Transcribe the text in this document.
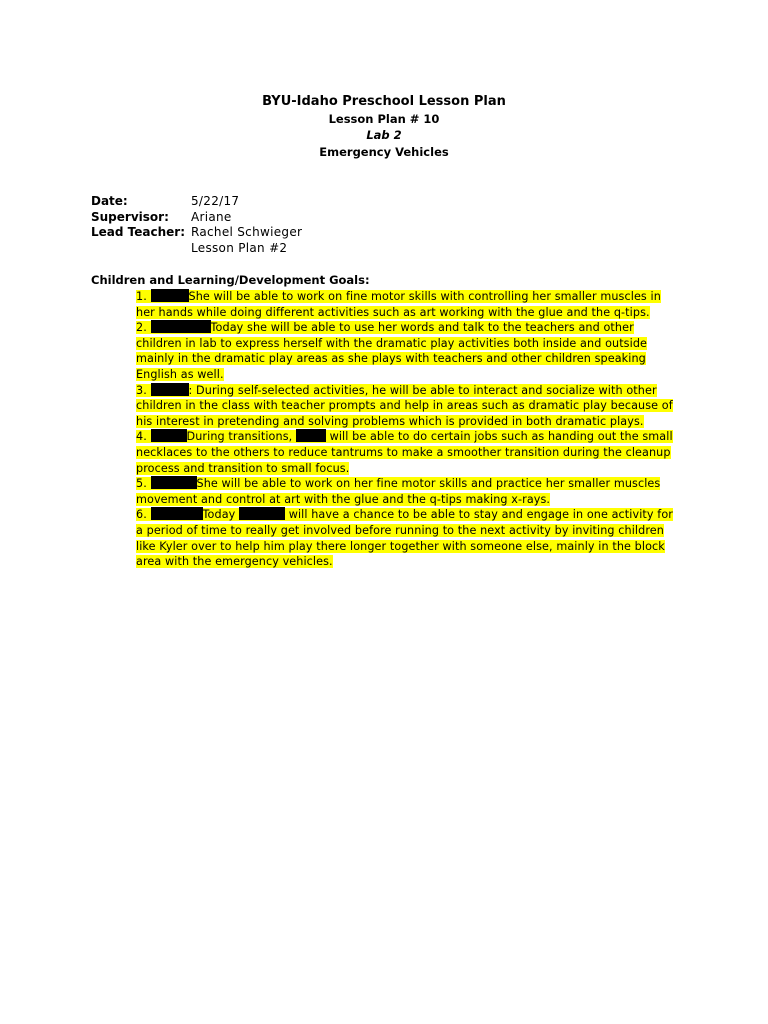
BYU-Idaho Preschool Lesson Plan
Lesson Plan # 10
Lab 2
Emergency Vehicles
Date:	5/22/17
Supervisor:	Ariane
Lead Teacher: Rachel Schwieger
Lesson Plan #2
Children and Learning/Development Goals:

1.	She will be able to work on fine motor skills with controlling her smaller muscles in her hands while doing different activities such as art working with the glue and the q-tips.

2.	Today she will be able to use her words and talk to the teachers and other children in lab to express herself with the dramatic play activities both inside and outside mainly in the dramatic play areas as she plays with teachers and other children speaking English as well.

3.	: During self-selected activities, he will be able to interact and socialize with other children in the class with teacher prompts and help in areas such as dramatic play because of his interest in pretending and solving problems which is provided in both dramatic plays.

4.	During transitions,	will be able to do certain jobs such as handing out the small necklaces to the others to reduce tantrums to make a smoother transition during the cleanup process and transition to small focus.

5.	She will be able to work on her fine motor skills and practice her smaller muscles movement and control at art with the glue and the q-tips making x-rays.

6.	Today	will have a chance to be able to stay and engage in one activity for a period of time to really get involved before running to the next activity by inviting children like Kyler over to help him play there longer together with someone else, mainly in the block area with the emergency vehicles.
